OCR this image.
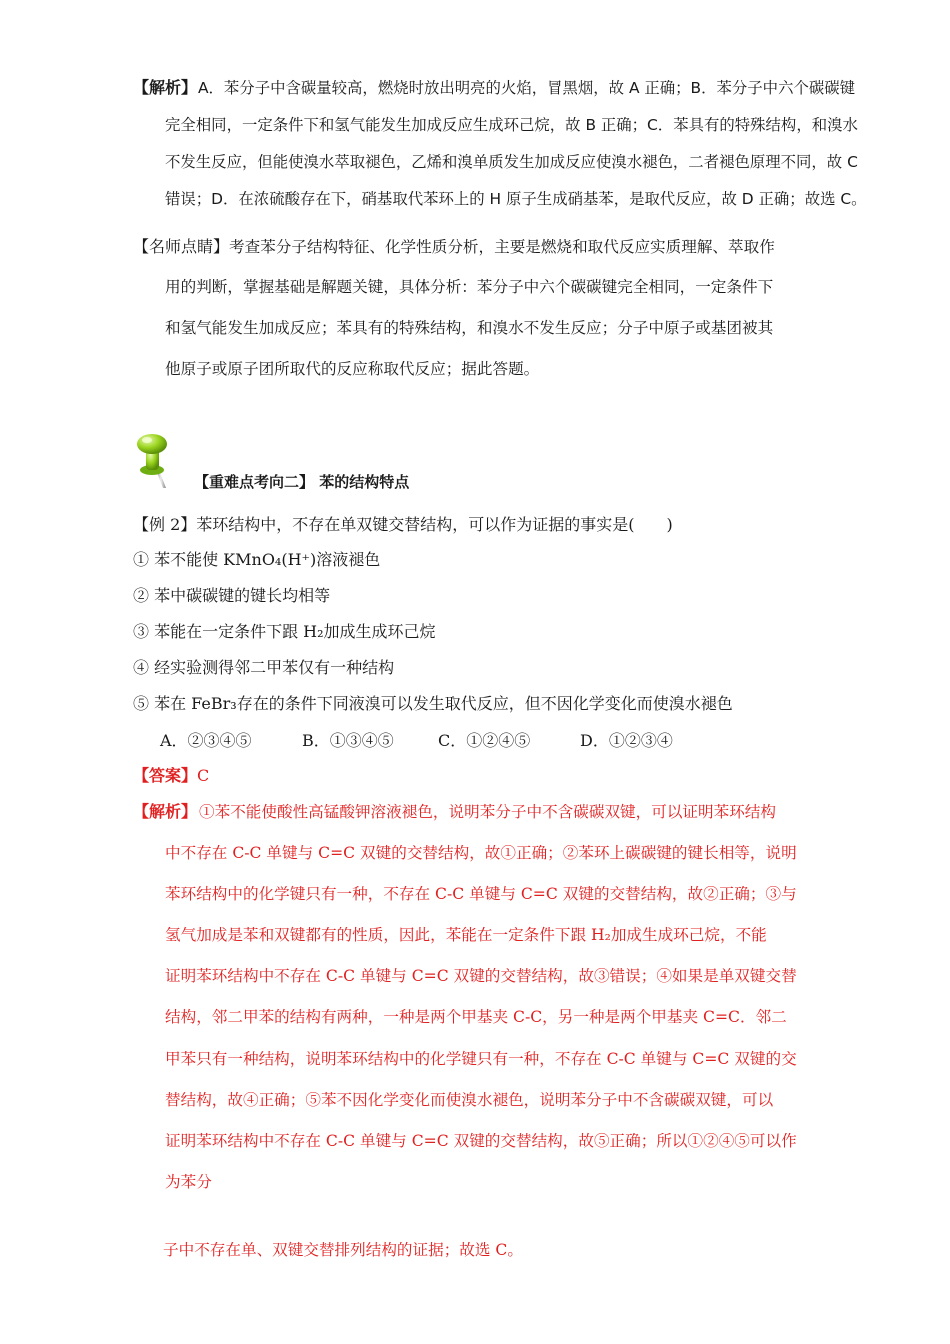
【解析】 A．苯分子中含碳量较高，燃烧时放出明亮的火焰，冒黑烟，故 A 正确；B．苯分子中六个碳碳键
完全相同，一定条件下和氢气能发生加成反应生成环己烷，故 B 正确；C．苯具有的特殊结构，和溴水
不发生反应，但能使溴水萃取褪色，乙烯和溴单质发生加成反应使溴水褪色，二者褪色原理不同，故 C
错误；D．在浓硫酸存在下，硝基取代苯环上的 H 原子生成硝基苯，是取代反应，故 D 正确；故选 C。
【名师点睛】 考查苯分子结构特征、化学性质分析，主要是燃烧和取代反应实质理解、萃取作
用的判断，掌握基础是解题关键，具体分析：苯分子中六个碳碳键完全相同，一定条件下
和氢气能发生加成反应；苯具有的特殊结构，和溴水不发生反应；分子中原子或基团被其
他原子或原子团所取代的反应称取代反应；据此答题。
【重难点考向二】 苯的结构特点
【例 2】苯环结构中，不存在单双键交替结构，可以作为证据的事实是(　　)
① 苯不能使 KMnO₄(H⁺)溶液褪色
② 苯中碳碳键的键长均相等
③ 苯能在一定条件下跟 H₂加成生成环己烷
④ 经实验测得邻二甲苯仅有一种结构
⑤ 苯在 FeBr₃存在的条件下同液溴可以发生取代反应，但不因化学变化而使溴水褪色
A．②③④⑤	B．①③④⑤	C．①②④⑤	D．①②③④
【答案】 C
【解析】 ①苯不能使酸性高锰酸钾溶液褪色，说明苯分子中不含碳碳双键，可以证明苯环结构
中不存在 C-C 单键与 C=C 双键的交替结构，故①正确；②苯环上碳碳键的键长相等，说明
苯环结构中的化学键只有一种，不存在 C-C 单键与 C=C 双键的交替结构，故②正确；③与
氢气加成是苯和双键都有的性质，因此，苯能在一定条件下跟 H₂加成生成环己烷，不能
证明苯环结构中不存在 C-C 单键与 C=C 双键的交替结构，故③错误；④如果是单双键交替
结构，邻二甲苯的结构有两种，一种是两个甲基夹 C-C，另一种是两个甲基夹 C=C．邻二
甲苯只有一种结构，说明苯环结构中的化学键只有一种，不存在 C-C 单键与 C=C 双键的交
替结构，故④正确；⑤苯不因化学变化而使溴水褪色，说明苯分子中不含碳碳双键，可以
证明苯环结构中不存在 C-C 单键与 C=C 双键的交替结构，故⑤正确；所以①②④⑤可以作
为苯分
子中不存在单、双键交替排列结构的证据；故选 C。
